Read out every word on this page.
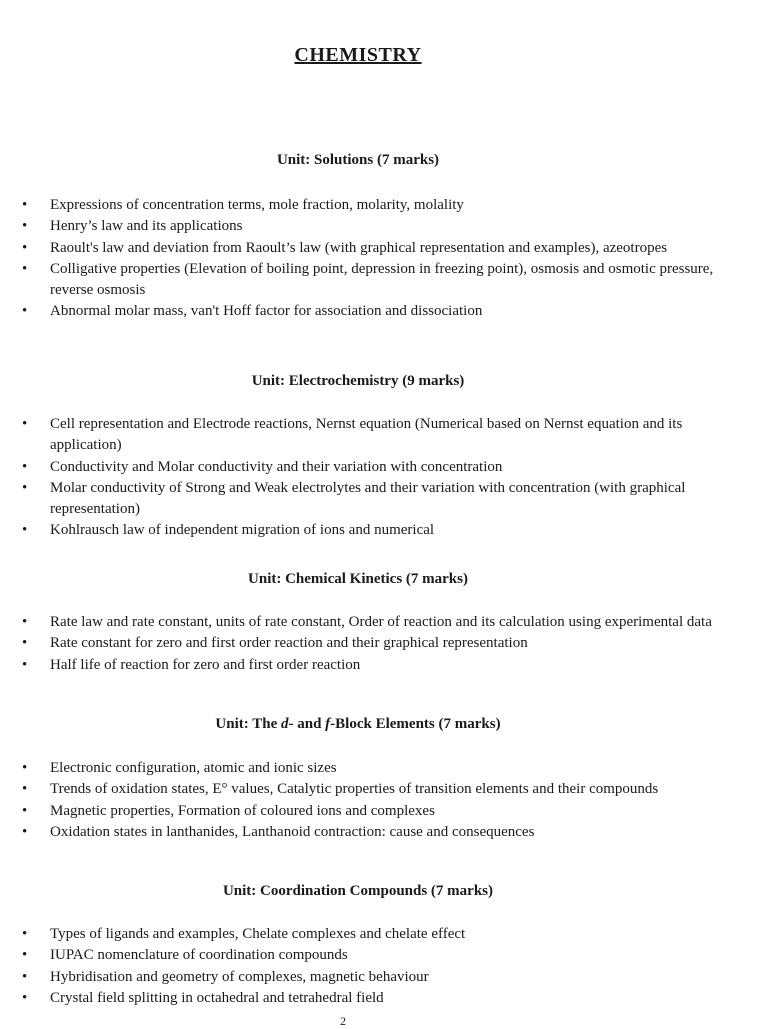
CHEMISTRY
Unit: Solutions (7 marks)
• Expressions of concentration terms, mole fraction, molarity, molality
• Henry’s law and its applications
• Raoult's law and deviation from Raoult’s law (with graphical representation and examples), azeotropes
• Colligative properties (Elevation of boiling point, depression in freezing point), osmosis and osmotic pressure, reverse osmosis
• Abnormal molar mass, van't Hoff factor for association and dissociation
Unit: Electrochemistry (9 marks)
• Cell representation and Electrode reactions, Nernst equation (Numerical based on Nernst equation and its application)
• Conductivity and Molar conductivity and their variation with concentration
• Molar conductivity of Strong and Weak electrolytes and their variation with concentration (with graphical representation)
• Kohlrausch law of independent migration of ions and numerical
Unit: Chemical Kinetics (7 marks)
• Rate law and rate constant, units of rate constant, Order of reaction and its calculation using experimental data
• Rate constant for zero and first order reaction and their graphical representation
• Half life of reaction for zero and first order reaction
Unit: The d- and f-Block Elements (7 marks)
• Electronic configuration, atomic and ionic sizes
• Trends of oxidation states, E° values, Catalytic properties of transition elements and their compounds
• Magnetic properties, Formation of coloured ions and complexes
• Oxidation states in lanthanides, Lanthanoid contraction: cause and consequences
Unit: Coordination Compounds (7 marks)
• Types of ligands and examples, Chelate complexes and chelate effect
• IUPAC nomenclature of coordination compounds
• Hybridisation and geometry of complexes, magnetic behaviour
• Crystal field splitting in octahedral and tetrahedral field
2
